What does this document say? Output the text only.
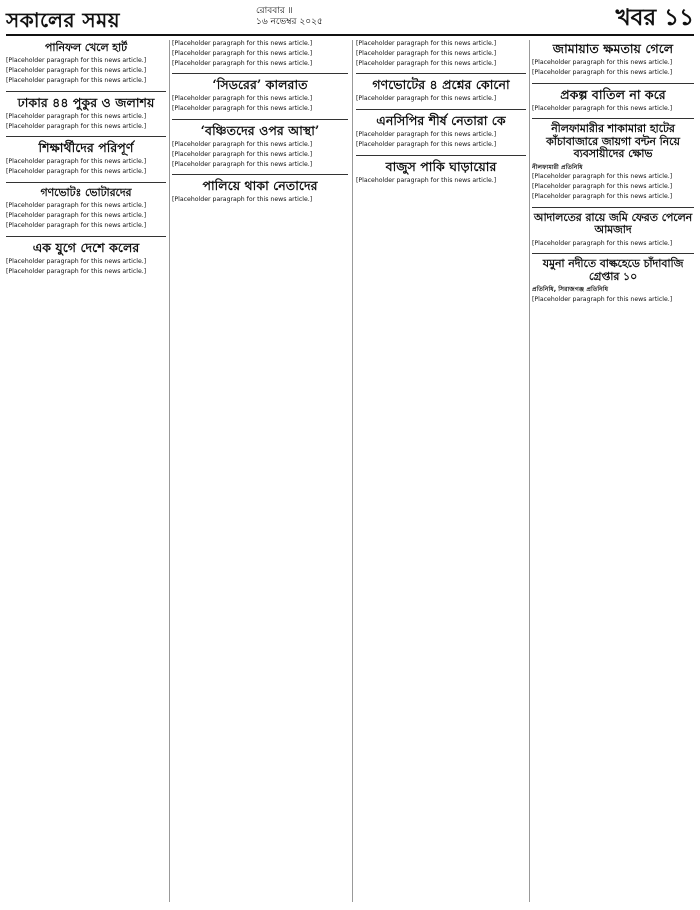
সকালের সময়	রোববার ॥
১৬ নভেম্বর ২০২৫	খবর ১১
পানিফল খেলে হার্ট

[Placeholder paragraph for this news article.]

[Placeholder paragraph for this news article.]

[Placeholder paragraph for this news article.]

ঢাকার ৪৪ পুকুর ও জলাশয়

[Placeholder paragraph for this news article.]

[Placeholder paragraph for this news article.]

শিক্ষার্থীদের পরিপূর্ণ

[Placeholder paragraph for this news article.]

[Placeholder paragraph for this news article.]

গণভোটঃ ভোটারদের

[Placeholder paragraph for this news article.]

[Placeholder paragraph for this news article.]

[Placeholder paragraph for this news article.]

এক যুগে দেশে কলের

[Placeholder paragraph for this news article.]

[Placeholder paragraph for this news article.]

[Placeholder paragraph for this news article.]

[Placeholder paragraph for this news article.]

[Placeholder paragraph for this news article.]

‘সিডরের’ কালরাত

[Placeholder paragraph for this news article.]

[Placeholder paragraph for this news article.]

‘বঞ্চিতদের ওপর আস্থা’

[Placeholder paragraph for this news article.]

[Placeholder paragraph for this news article.]

[Placeholder paragraph for this news article.]

পালিয়ে থাকা নেতাদের

[Placeholder paragraph for this news article.]

[Placeholder paragraph for this news article.]

[Placeholder paragraph for this news article.]

[Placeholder paragraph for this news article.]

গণভোটের ৪ প্রশ্নের কোনো

[Placeholder paragraph for this news article.]

এনসিপির শীর্ষ নেতারা কে

[Placeholder paragraph for this news article.]

[Placeholder paragraph for this news article.]

বাজুস পাকি ঘাড়ায়োর

[Placeholder paragraph for this news article.]

জামায়াত ক্ষমতায় গেলে

[Placeholder paragraph for this news article.]

[Placeholder paragraph for this news article.]

প্রকল্প বাতিল না করে

[Placeholder paragraph for this news article.]

নীলফামারীর শাকামারা হাটের কাঁচাবাজারে জায়গা বন্টন নিয়ে ব্যবসায়ীদের ক্ষোভ
নীলফামারী প্রতিনিধি

[Placeholder paragraph for this news article.]

[Placeholder paragraph for this news article.]

[Placeholder paragraph for this news article.]

আদালতের রায়ে জমি ফেরত পেলেন আমজাদ

[Placeholder paragraph for this news article.]

যমুনা নদীতে বাল্কহেডে চাঁদাবাজি গ্রেপ্তার ১০
প্রতিনিধি, সিরাজগঞ্জ প্রতিনিধি

[Placeholder paragraph for this news article.]
